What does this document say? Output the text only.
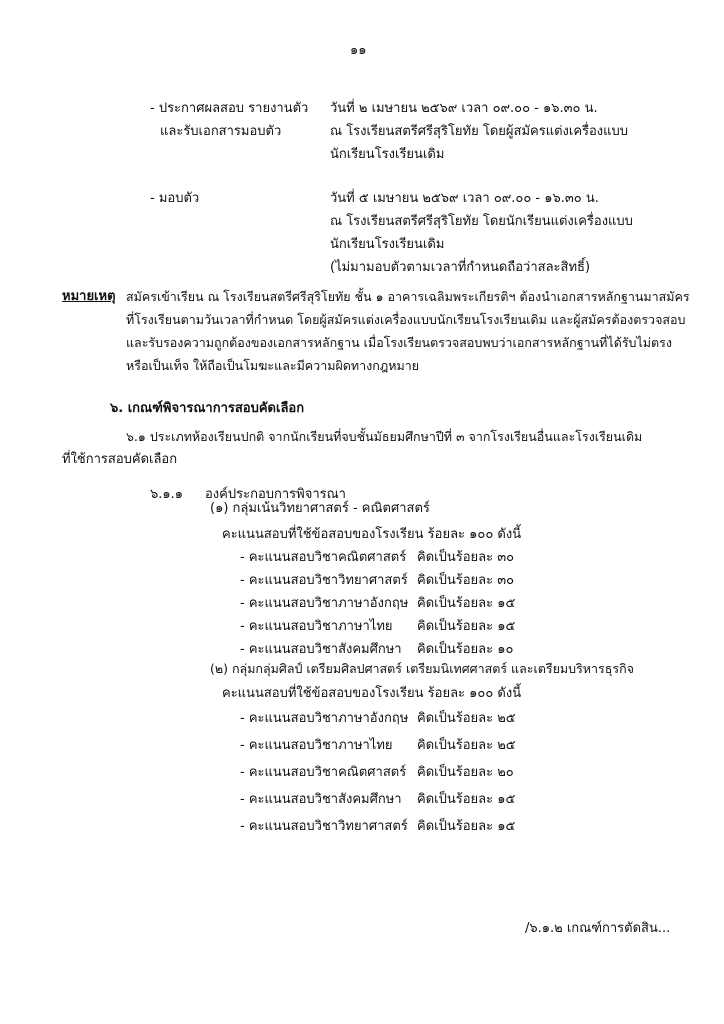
๑๑
- ประกาศผลสอบ รายงานตัว
และรับเอกสารมอบตัว
วันที่ ๒ เมษายน ๒๕๖๙ เวลา ๐๙.๐๐ - ๑๖.๓๐ น.
ณ โรงเรียนสตรีศรีสุริโยทัย โดยผู้สมัครแต่งเครื่องแบบ
นักเรียนโรงเรียนเดิม
- มอบตัว	วันที่ ๕ เมษายน ๒๕๖๙ เวลา ๐๙.๐๐ - ๑๖.๓๐ น.
ณ โรงเรียนสตรีศรีสุริโยทัย โดยนักเรียนแต่งเครื่องแบบ
นักเรียนโรงเรียนเดิม
(ไม่มามอบตัวตามเวลาที่กำหนดถือว่าสละสิทธิ์)
หมายเหตุ สมัครเข้าเรียน ณ โรงเรียนสตรีศรีสุริโยทัย ชั้น ๑ อาคารเฉลิมพระเกียรติฯ ต้องนำเอกสารหลักฐานมาสมัคร
ที่โรงเรียนตามวันเวลาที่กำหนด โดยผู้สมัครแต่งเครื่องแบบนักเรียนโรงเรียนเดิม และผู้สมัครต้องตรวจสอบ
และรับรองความถูกต้องของเอกสารหลักฐาน เมื่อโรงเรียนตรวจสอบพบว่าเอกสารหลักฐานที่ได้รับไม่ตรง
หรือเป็นเท็จ ให้ถือเป็นโมฆะและมีความผิดทางกฎหมาย
๖. เกณฑ์พิจารณาการสอบคัดเลือก
๖.๑ ประเภทห้องเรียนปกติ จากนักเรียนที่จบชั้นมัธยมศึกษาปีที่ ๓ จากโรงเรียนอื่นและโรงเรียนเดิม
ที่ใช้การสอบคัดเลือก
๖.๑.๑ องค์ประกอบการพิจารณา
(๑) กลุ่มเน้นวิทยาศาสตร์ - คณิตศาสตร์
คะแนนสอบที่ใช้ข้อสอบของโรงเรียน ร้อยละ ๑๐๐ ดังนี้
- คะแนนสอบวิชาคณิตศาสตร์ คิดเป็นร้อยละ ๓๐
- คะแนนสอบวิชาวิทยาศาสตร์ คิดเป็นร้อยละ ๓๐
- คะแนนสอบวิชาภาษาอังกฤษ คิดเป็นร้อยละ ๑๕
- คะแนนสอบวิชาภาษาไทย คิดเป็นร้อยละ ๑๕
- คะแนนสอบวิชาสังคมศึกษา คิดเป็นร้อยละ ๑๐
(๒) กลุ่มกลุ่มศิลป์ เตรียมศิลปศาสตร์ เตรียมนิเทศศาสตร์ และเตรียมบริหารธุรกิจ
คะแนนสอบที่ใช้ข้อสอบของโรงเรียน ร้อยละ ๑๐๐ ดังนี้
- คะแนนสอบวิชาภาษาอังกฤษ คิดเป็นร้อยละ ๒๕
- คะแนนสอบวิชาภาษาไทย คิดเป็นร้อยละ ๒๕
- คะแนนสอบวิชาคณิตศาสตร์ คิดเป็นร้อยละ ๒๐
- คะแนนสอบวิชาสังคมศึกษา คิดเป็นร้อยละ ๑๕
- คะแนนสอบวิชาวิทยาศาสตร์ คิดเป็นร้อยละ ๑๕
/๖.๑.๒ เกณฑ์การตัดสิน...
